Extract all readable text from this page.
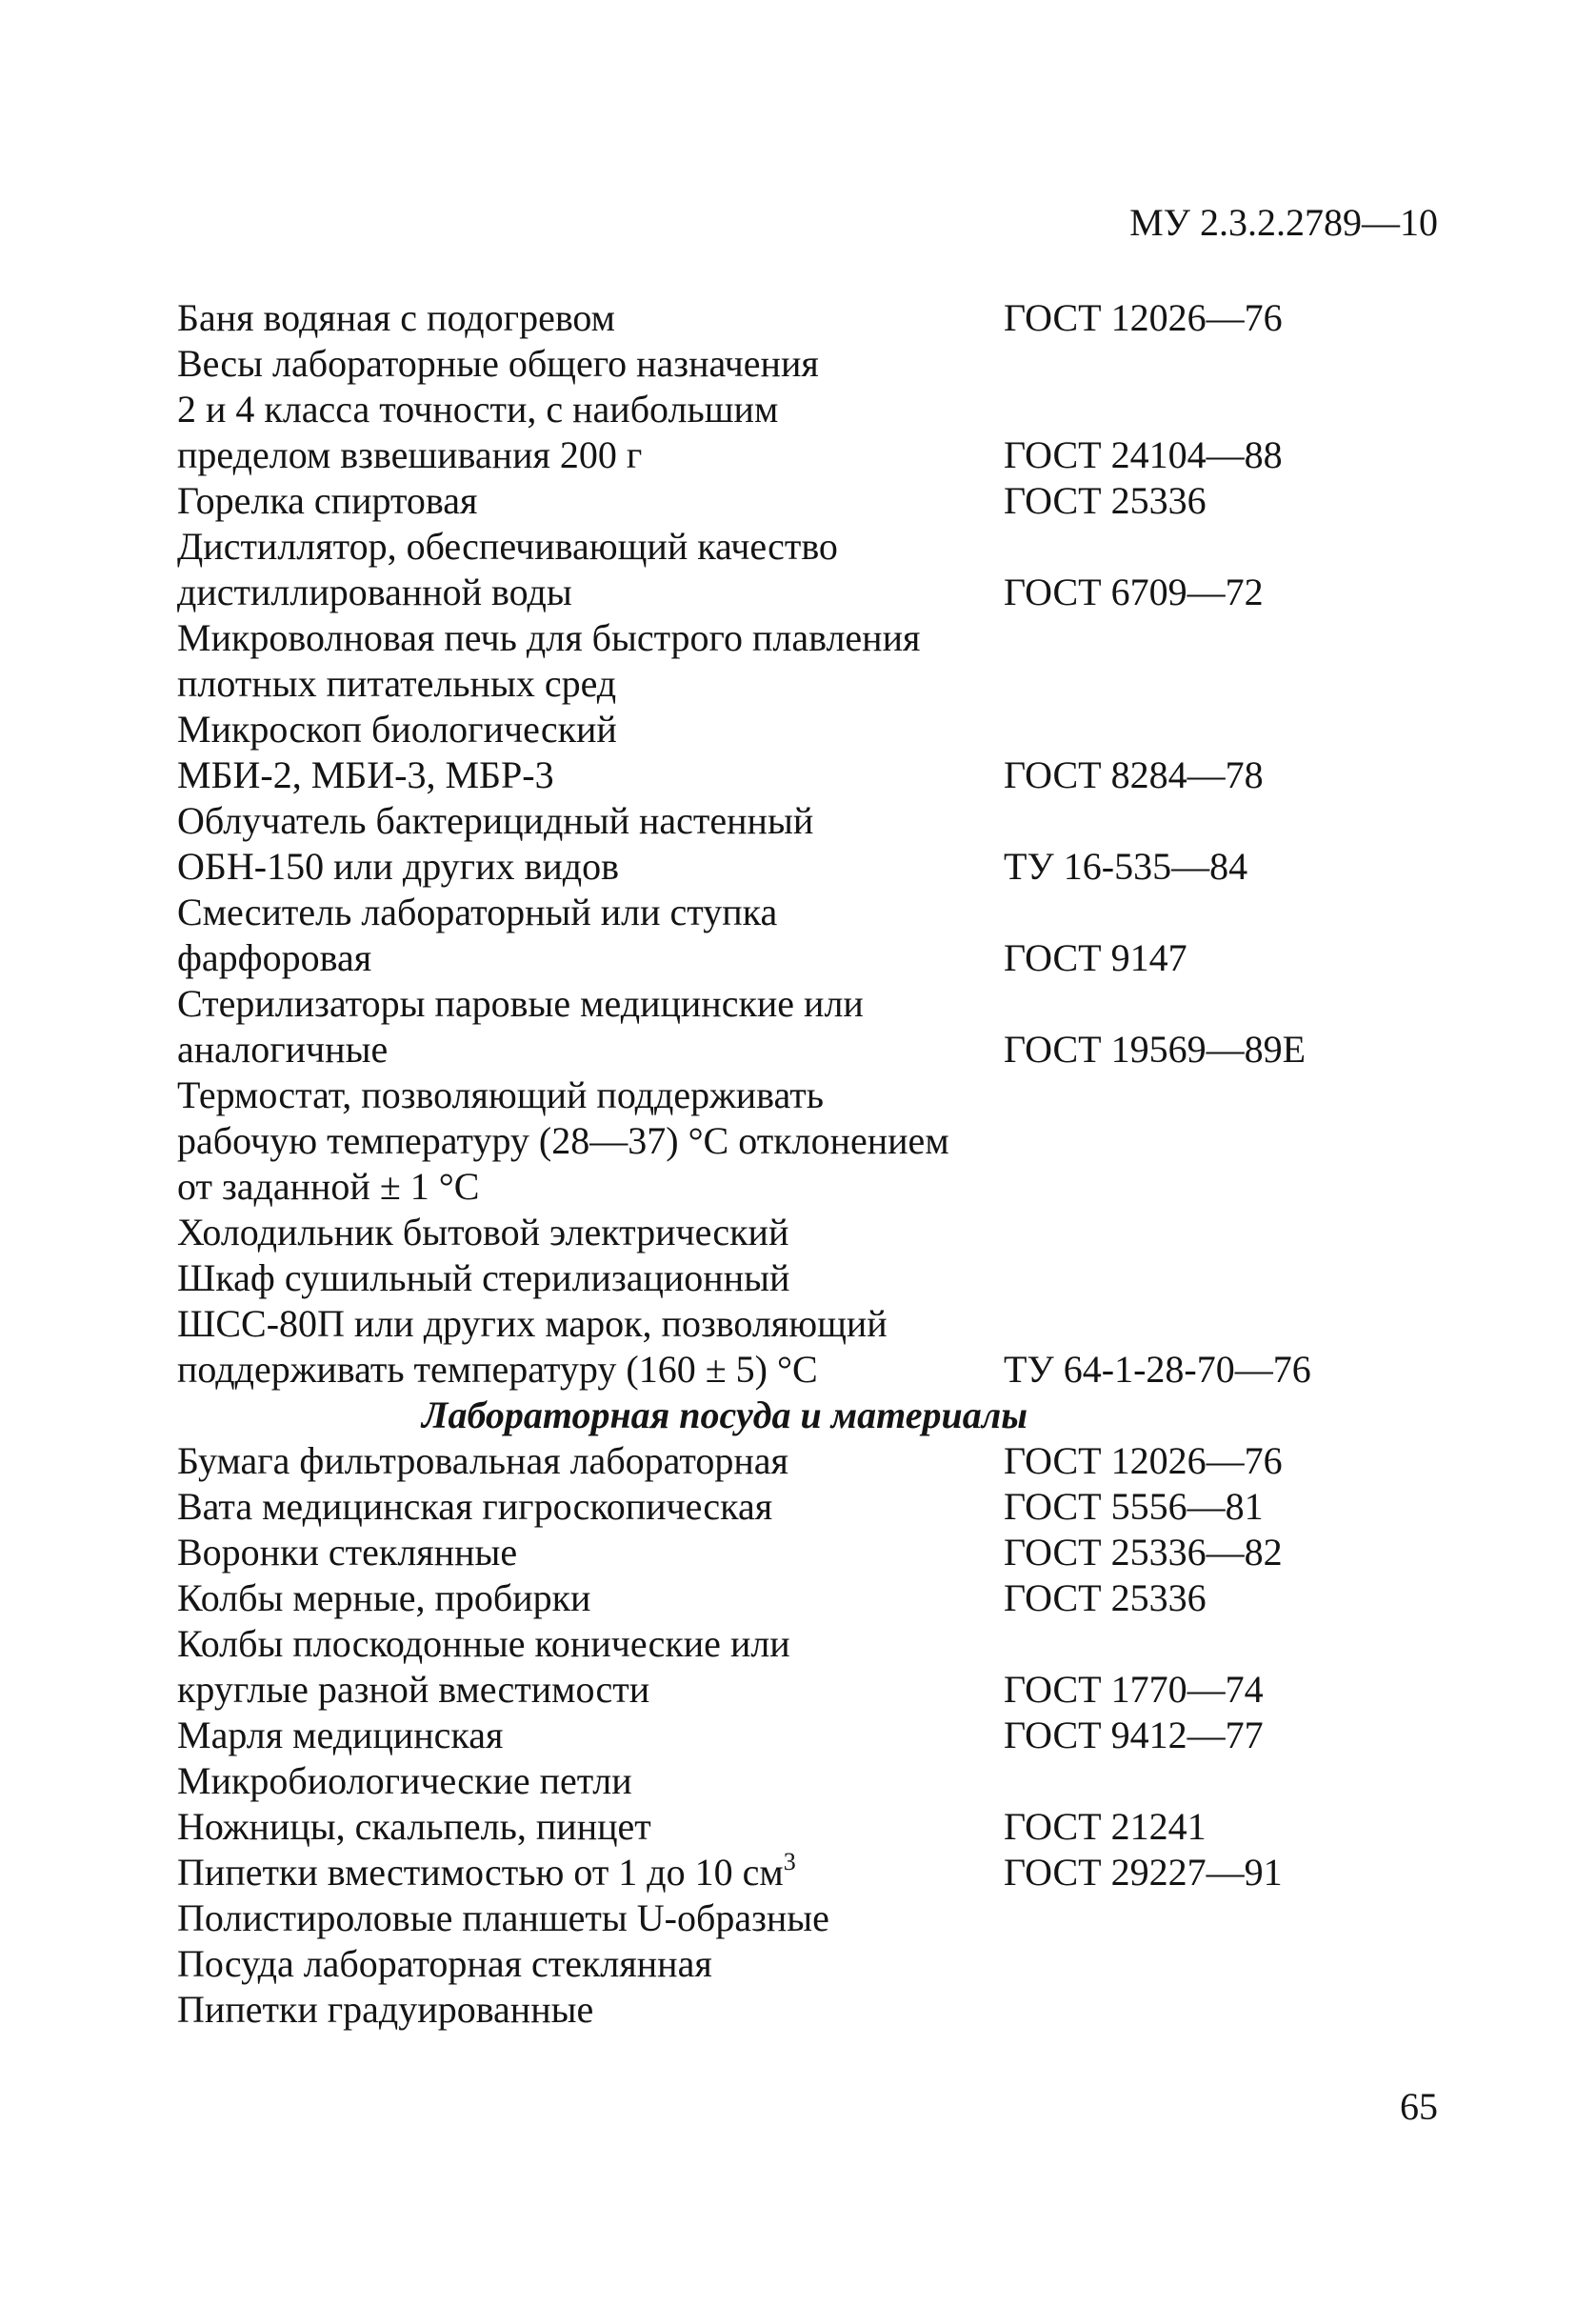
МУ 2.3.2.2789—10
Баня водяная с подогревом	ГОСТ 12026—76
Весы лабораторные общего назначения
2 и 4 класса точности, с наибольшим
пределом взвешивания 200 г	ГОСТ 24104—88
Горелка спиртовая	ГОСТ 25336
Дистиллятор, обеспечивающий качество
дистиллированной воды	ГОСТ 6709—72
Микроволновая печь для быстрого плавления
плотных питательных сред
Микроскоп биологический
МБИ-2, МБИ-3, МБР-3	ГОСТ 8284—78
Облучатель бактерицидный настенный
ОБН-150 или других видов	ТУ 16-535—84
Смеситель лабораторный или ступка
фарфоровая	ГОСТ 9147
Стерилизаторы паровые медицинские или
аналогичные	ГОСТ 19569—89Е
Термостат, позволяющий поддерживать
рабочую температуру (28—37) °С отклонением
от заданной ± 1 °С
Холодильник бытовой электрический
Шкаф сушильный стерилизационный
ШСС-80П или других марок, позволяющий
поддерживать температуру (160 ± 5) °С	ТУ 64-1-28-70—76
Лабораторная посуда и материалы
Бумага фильтровальная лабораторная	ГОСТ 12026—76
Вата медицинская гигроскопическая	ГОСТ 5556—81
Воронки стеклянные	ГОСТ 25336—82
Колбы мерные, пробирки	ГОСТ 25336
Колбы плоскодонные конические или
круглые разной вместимости	ГОСТ 1770—74
Марля медицинская	ГОСТ 9412—77
Микробиологические петли
Ножницы, скальпель, пинцет	ГОСТ 21241
Пипетки вместимостью от 1 до 10 $см^3$	ГОСТ 29227—91
Полистироловые планшеты U-образные
Посуда лабораторная стеклянная
Пипетки градуированные
65
